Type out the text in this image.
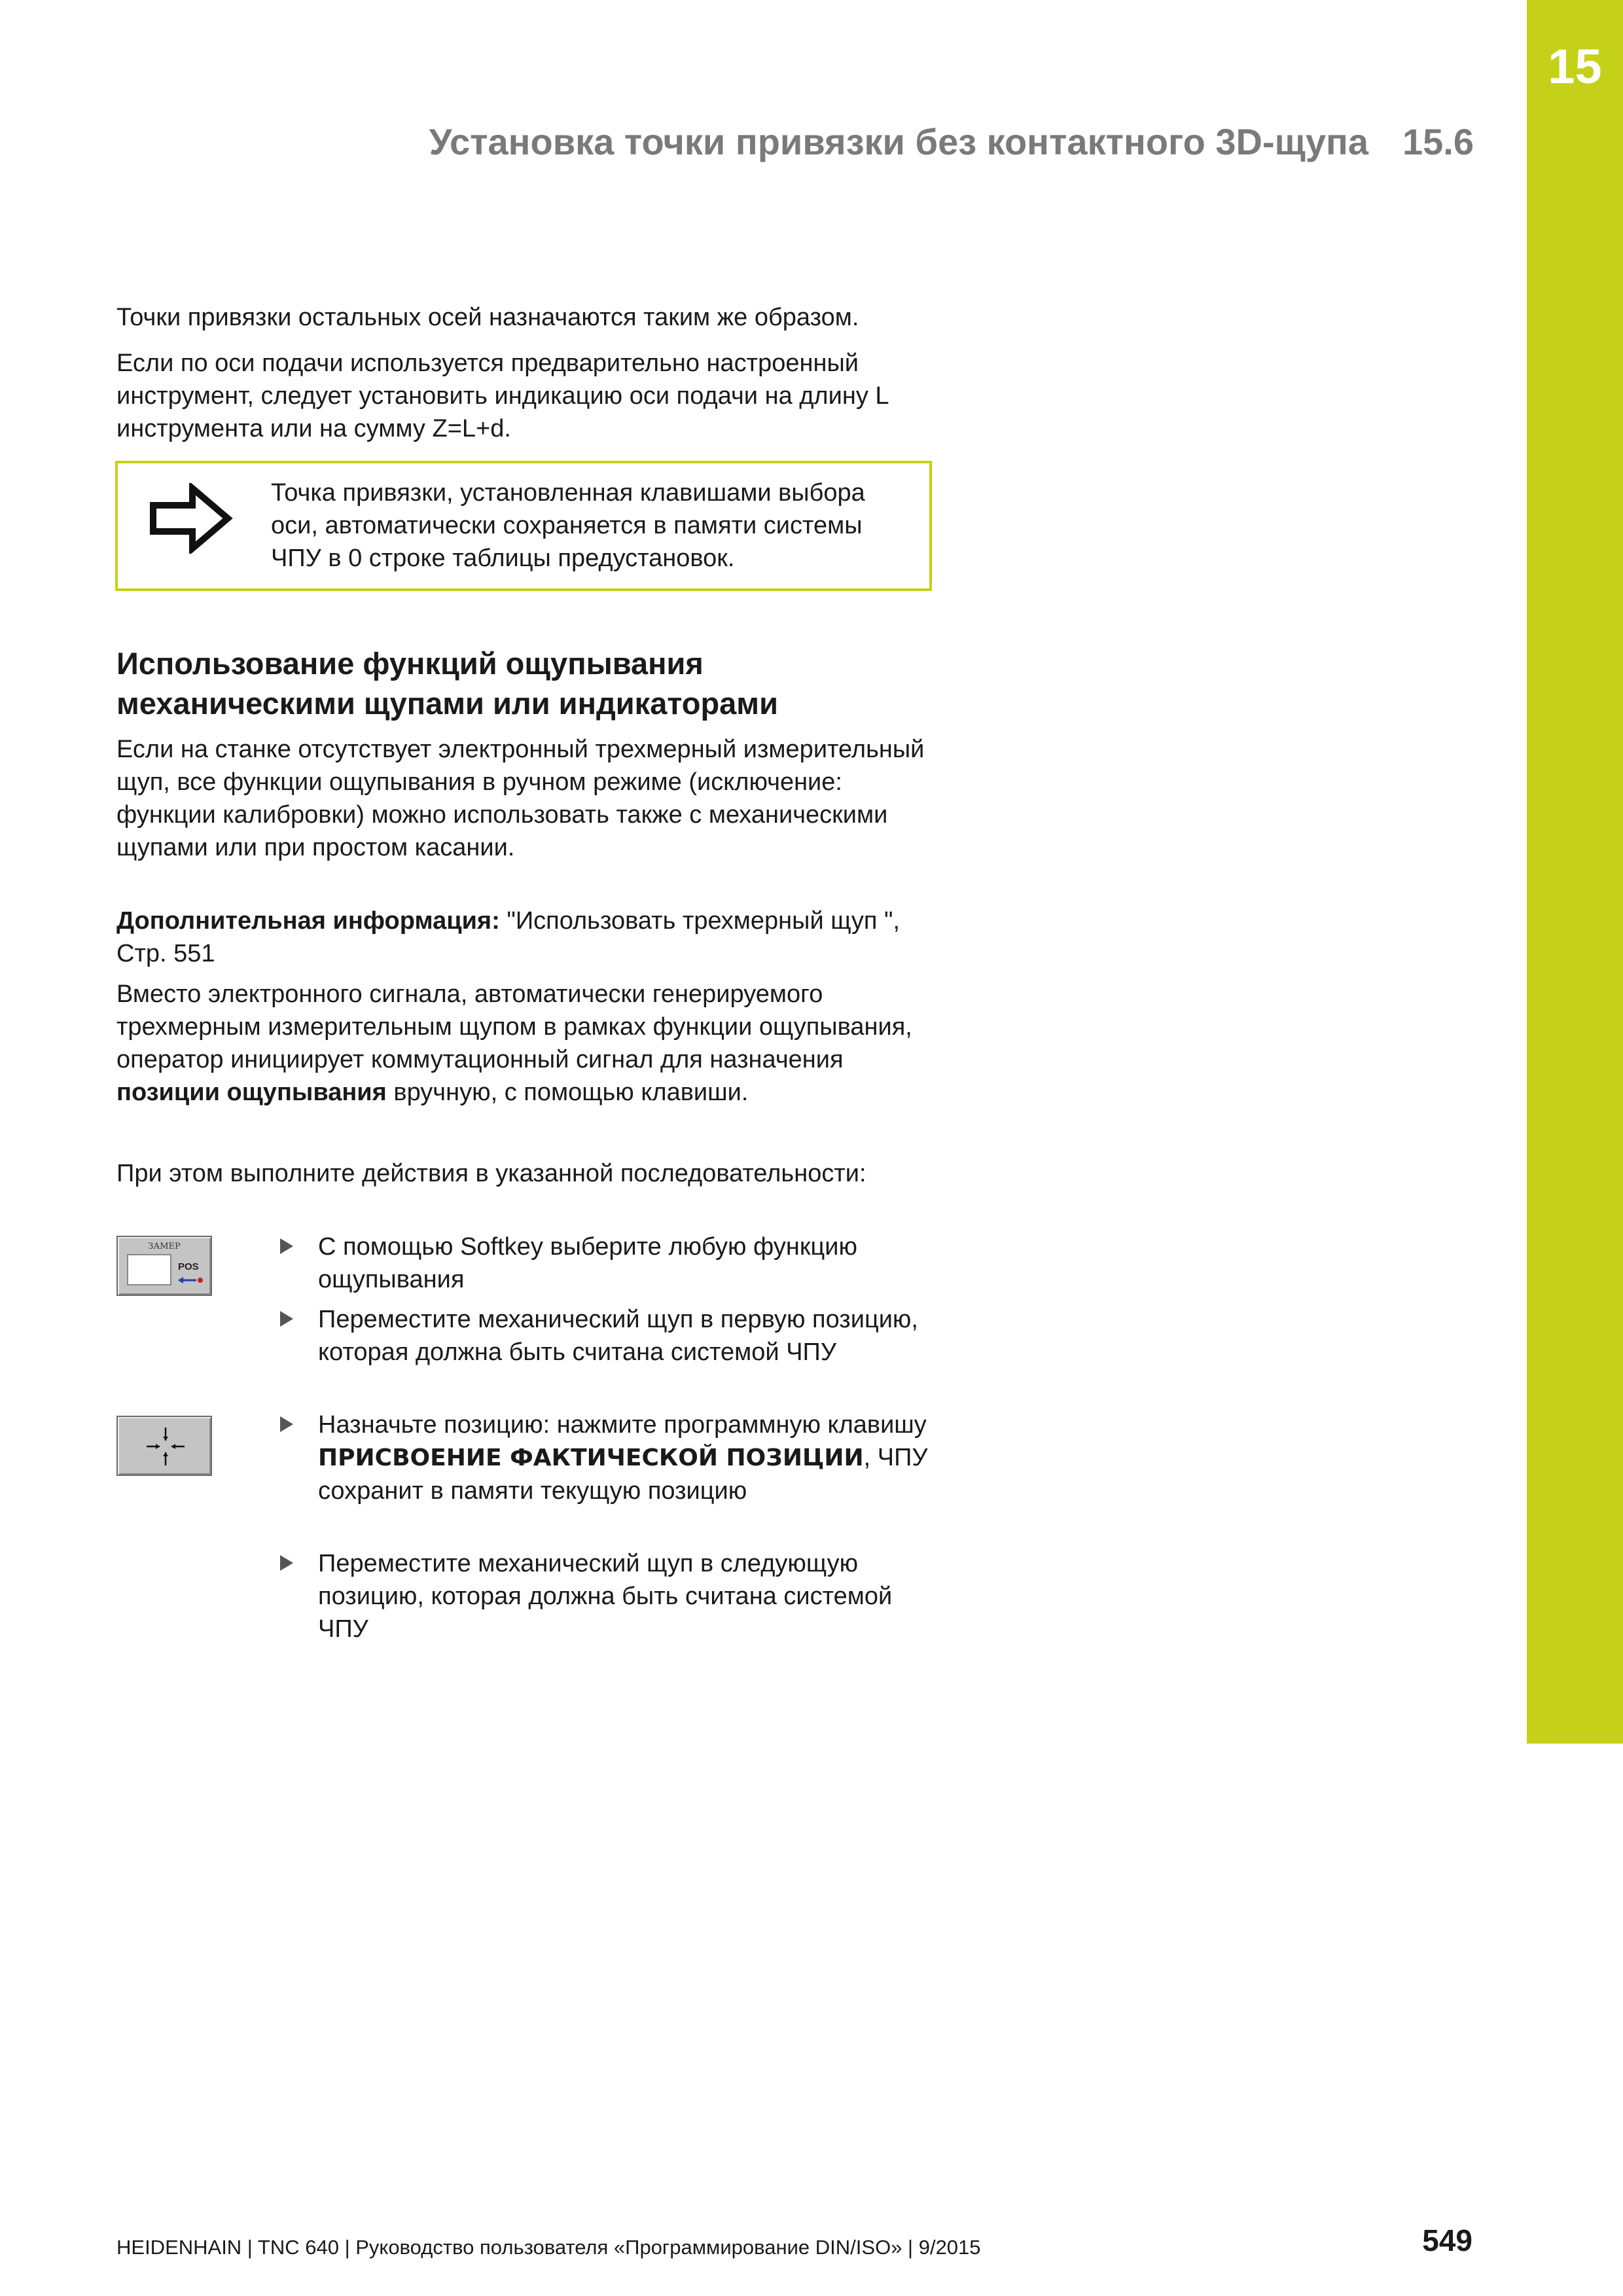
15
Установка точки привязки без контактного 3D-щупа 15.6

Точки привязки остальных осей назначаются таким же образом.

Если по оси подачи используется предварительно настроенный инструмент, следует установить индикацию оси подачи на длину L инструмента или на сумму Z=L+d.

Точка привязки, установленная клавишами выбора оси, автоматически сохраняется в памяти системы ЧПУ в 0 строке таблицы предустановок.

Использование функций ощупывания механическими щупами или индикаторами

Если на станке отсутствует электронный трехмерный измерительный щуп, все функции ощупывания в ручном режиме (исключение: функции калибровки) можно использовать также с механическими щупами или при простом касании.

Дополнительная информация: "Использовать трехмерный щуп ", Стр. 551

Вместо электронного сигнала, автоматически генерируемого трехмерным измерительным щупом в рамках функции ощупывания, оператор инициирует коммутационный сигнал для назначения позиции ощупывания вручную, с помощью клавиши.

При этом выполните действия в указанной последовательности:

ЗАМЕР
POS
С помощью Softkey выберите любую функцию ощупывания
Переместите механический щуп в первую позицию, которая должна быть считана системой ЧПУ
Назначьте позицию: нажмите программную клавишу ПРИСВОЕНИЕ ФАКТИЧЕСКОЙ ПОЗИЦИИ, ЧПУ сохранит в памяти текущую позицию
Переместите механический щуп в следующую позицию, которая должна быть считана системой ЧПУ
HEIDENHAIN | TNC 640 | Руководство пользователя «Программирование DIN/ISO» | 9/2015	549
